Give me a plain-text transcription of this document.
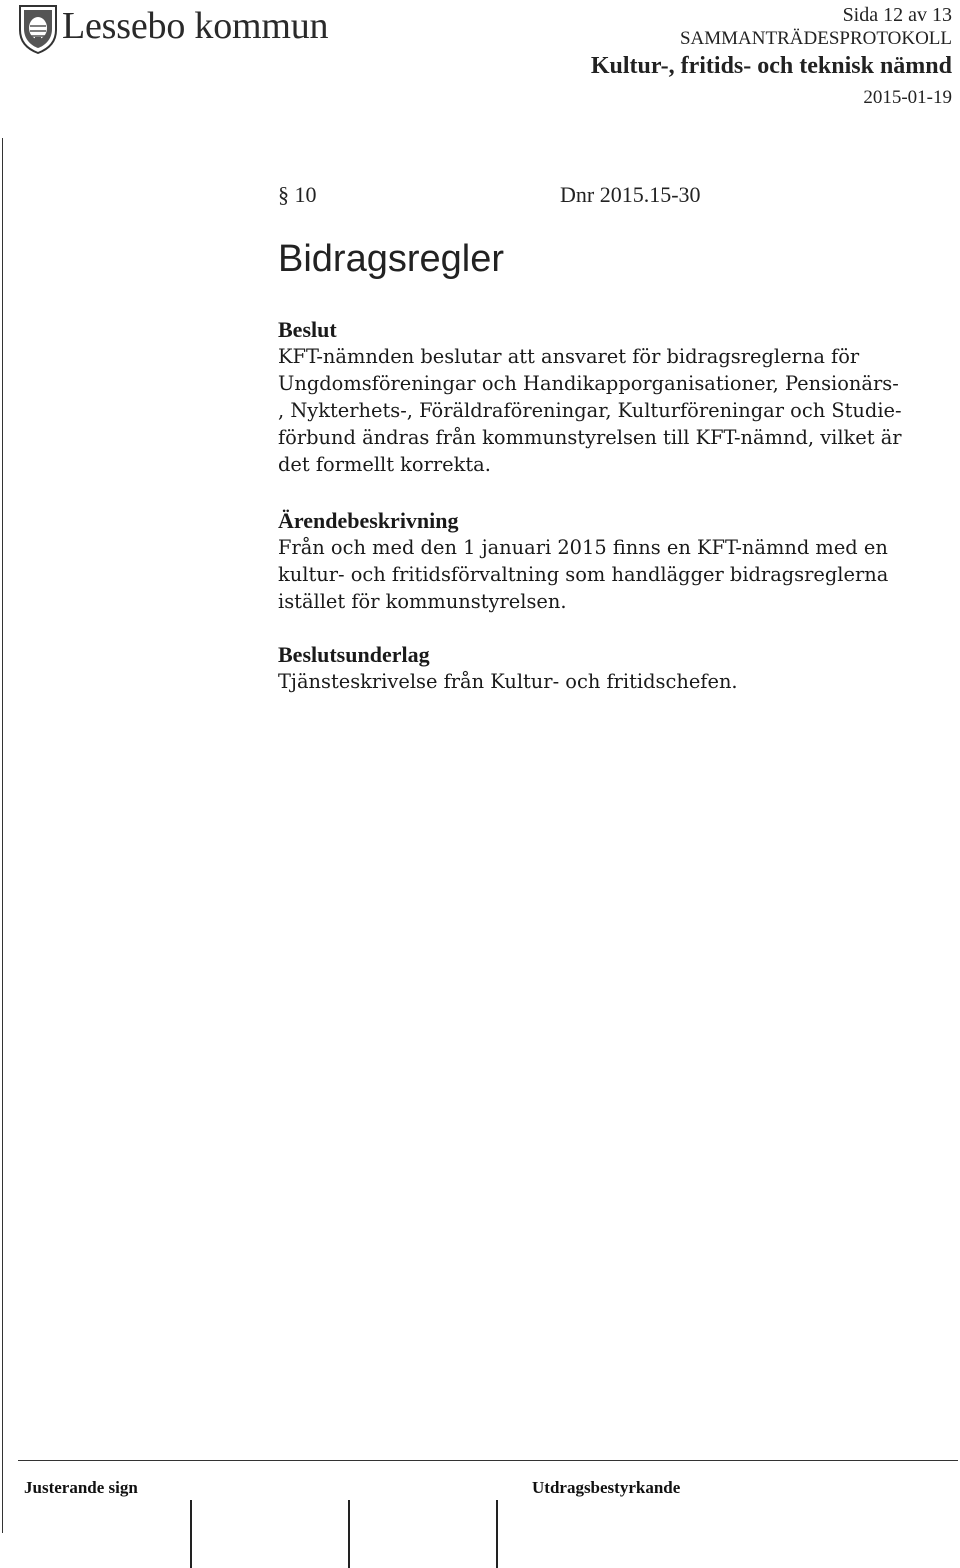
Lessebo kommun	Sida 12 av 13
SAMMANTRÄDESPROTOKOLL
Kultur-, fritids- och teknisk nämnd
2015-01-19
§ 10	Dnr 2015.15-30
Bidragsregler
Beslut

KFT-nämnden beslutar att ansvaret för bidragsreglerna för
Ungdomsföreningar och Handikapporganisationer, Pensionärs-
, Nykterhets-, Föräldraföreningar, Kulturföreningar och Studie-
förbund ändras från kommunstyrelsen till KFT-nämnd, vilket är
det formellt korrekta.

Ärendebeskrivning

Från och med den 1 januari 2015 finns en KFT-nämnd med en
kultur- och fritidsförvaltning som handlägger bidragsreglerna
istället för kommunstyrelsen.

Beslutsunderlag

Tjänsteskrivelse från Kultur- och fritidschefen.

Justerande sign	Utdragsbestyrkande
